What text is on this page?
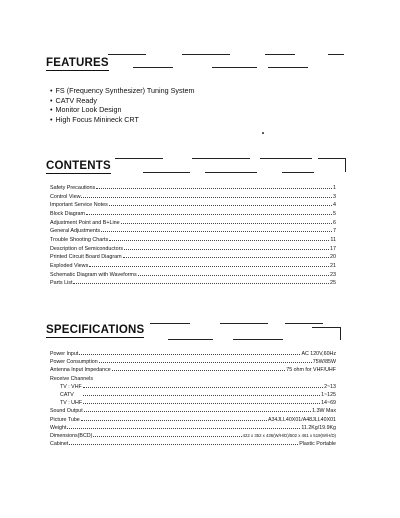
FEATURES
• FS (Frequency Synthesizer) Tuning System
• CATV Ready
• Monitor Look Design
• High Focus Minineck CRT
CONTENTS
Safety Precautions	1
Control View	3
Important Service Notes	4
Block Diagram	5
Adjustment Point and B+Line	6
General Adjustments	7
Trouble Shooting Charts	11
Description of Semiconductors	17
Printed Circuit Board Diagram	20
Exploded Views	21
Schematic Diagram with Waveforms	23
Parts List	25
SPECIFICATIONS
Power Input	AC 120V,60Hz
Power Consumption	75W/85W
Antenna Input Impedance	75 ohm for VHF/UHF
Receive Channels
TV : VHF	2~13
CATV	1~125
TV : UHF	14~69
Sound Output	1.3W Max
Picture Tube	A34JLL40X01/A48JLL40X01
Weight	11.2Kg/19.9Kg
Dimensions(BCD)	422 x 352 x 436(W/H/D)/502 x 461 x 519(W/H/D)
Cabinet	Plastic Portable
